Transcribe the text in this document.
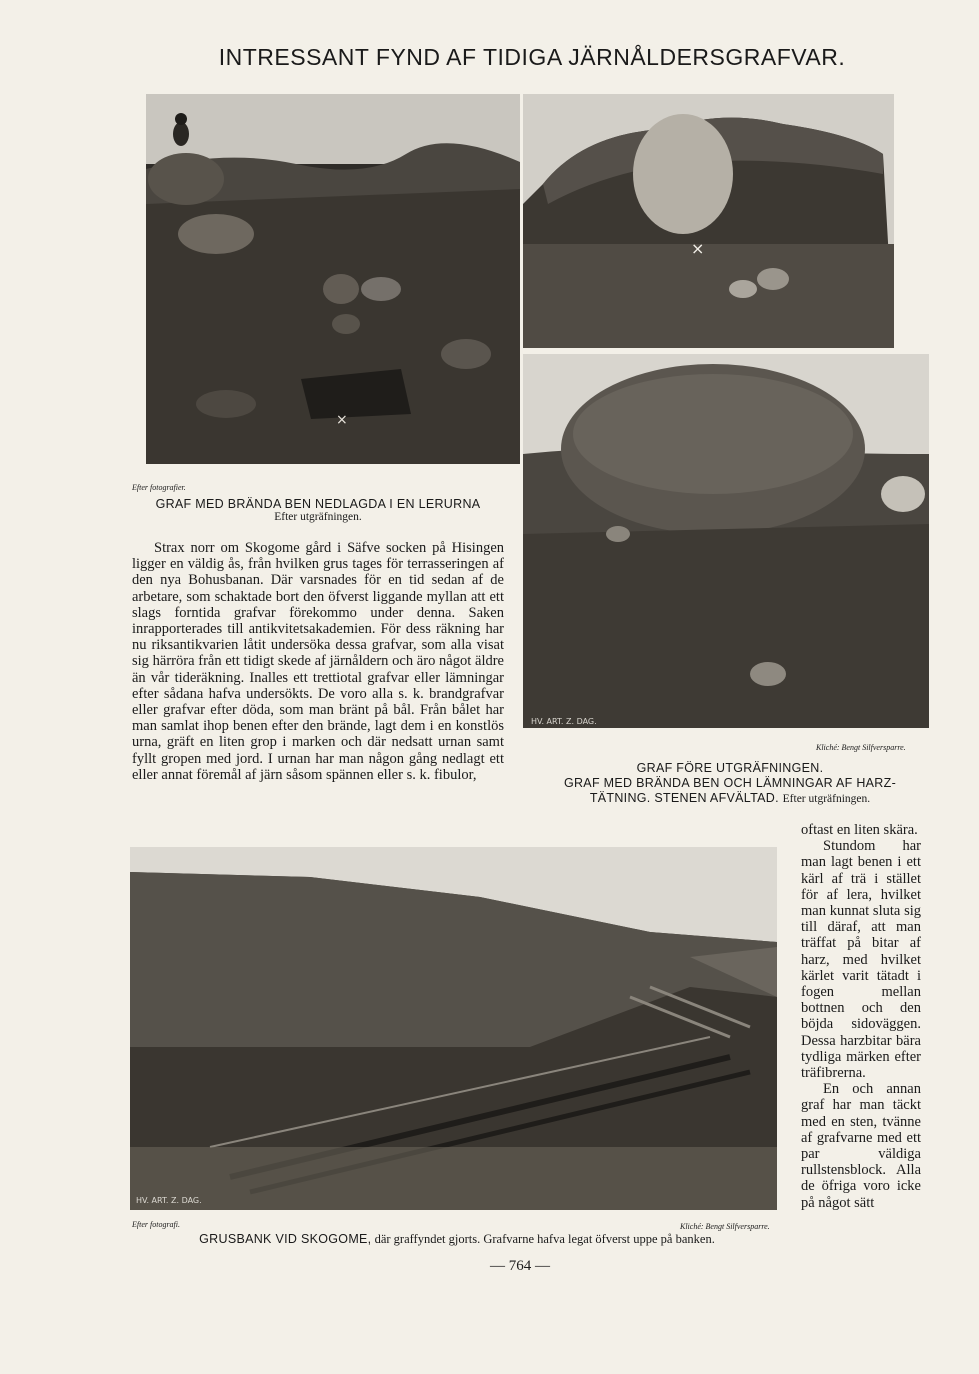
INTRESSANT FYND AF TIDIGA JÄRNÅLDERSGRAFVAR.
×
×
HV. ART. Z. DAG.
Efter fotografier.
GRAF MED BRÄNDA BEN NEDLAGDA I EN LERURNA
Efter utgräfningen.

Strax norr om Skogome gård i Säfve socken på Hisingen ligger en väldig ås, från hvilken grus tages för terrasseringen af den nya Bohusbanan. Där varsnades för en tid sedan af de arbetare, som schaktade bort den öfverst liggande myllan att ett slags forntida grafvar förekommo under denna. Saken inrapporterades till antikvitetsakademien. För dess räkning har nu riksantikvarien låtit undersöka dessa grafvar, som alla visat sig härröra från ett tidigt skede af järnåldern och äro något äldre än vår tideräkning. Inalles ett trettiotal grafvar eller lämningar efter sådana hafva undersökts. De voro alla s. k. brandgrafvar eller grafvar efter döda, som man bränt på bål. Från bålet har man samlat ihop benen efter den brände, lagt dem i en konstlös urna, gräft en liten grop i marken och där nedsatt urnan samt fyllt gropen med jord. I urnan har man någon gång nedlagt ett eller annat föremål af järn såsom spännen eller s. k. fibulor,

Kliché: Bengt Silfversparre.
GRAF FÖRE UTGRÄFNINGEN.
GRAF MED BRÄNDA BEN OCH LÄMNINGAR AF HARZ-
TÄTNING. STENEN AFVÄLTAD. Efter utgräfningen.
HV. ART. Z. DAG.

oftast en liten skära.

Stundom har man lagt benen i ett kärl af trä i stället för af lera, hvilket man kunnat sluta sig till däraf, att man träffat på bitar af harz, med hvilket kärlet varit tätadt i fogen mellan bottnen och den böjda sidoväggen. Dessa harzbitar bära tydliga märken efter träfibrerna.

En och annan graf har man täckt med en sten, tvänne af grafvarne med ett par väldiga rullstensblock. Alla de öfriga voro icke på något sätt

Efter fotografi.	Kliché: Bengt Silfversparre.
GRUSBANK VID SKOGOME, där graffyndet gjorts. Grafvarne hafva legat öfverst uppe på banken.
— 764 —
